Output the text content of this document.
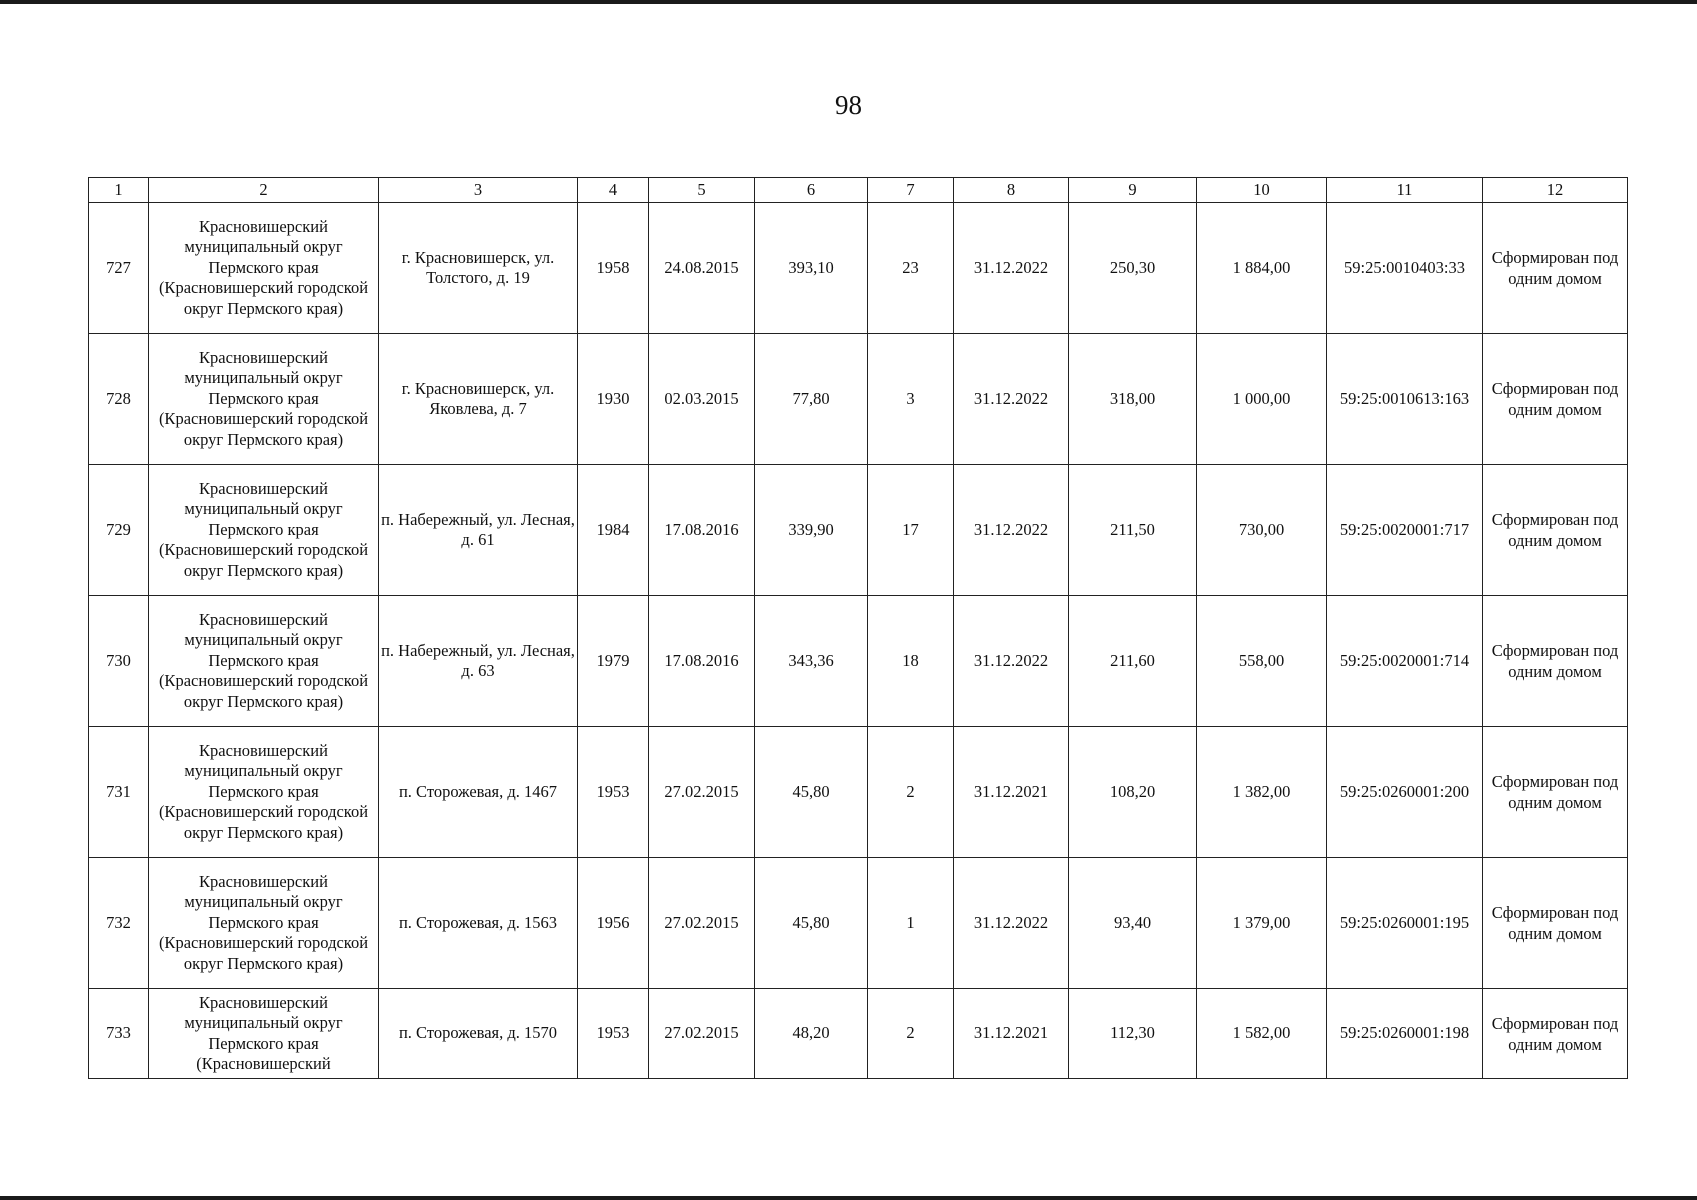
98
1	2	3	4	5	6	7	8	9	10	11	12
727	Красновишерский муниципальный округ Пермского края (Красновишерский городской округ Пермского края)	г. Красновишерск, ул. Толстого, д. 19	1958	24.08.2015	393,10	23	31.12.2022	250,30	1 884,00	59:25:0010403:33	Сформирован под одним домом
728	Красновишерский муниципальный округ Пермского края (Красновишерский городской округ Пермского края)	г. Красновишерск, ул. Яковлева, д. 7	1930	02.03.2015	77,80	3	31.12.2022	318,00	1 000,00	59:25:0010613:163	Сформирован под одним домом
729	Красновишерский муниципальный округ Пермского края (Красновишерский городской округ Пермского края)	п. Набережный, ул. Лесная, д. 61	1984	17.08.2016	339,90	17	31.12.2022	211,50	730,00	59:25:0020001:717	Сформирован под одним домом
730	Красновишерский муниципальный округ Пермского края (Красновишерский городской округ Пермского края)	п. Набережный, ул. Лесная, д. 63	1979	17.08.2016	343,36	18	31.12.2022	211,60	558,00	59:25:0020001:714	Сформирован под одним домом
731	Красновишерский муниципальный округ Пермского края (Красновишерский городской округ Пермского края)	п. Сторожевая, д. 1467	1953	27.02.2015	45,80	2	31.12.2021	108,20	1 382,00	59:25:0260001:200	Сформирован под одним домом
732	Красновишерский муниципальный округ Пермского края (Красновишерский городской округ Пермского края)	п. Сторожевая, д. 1563	1956	27.02.2015	45,80	1	31.12.2022	93,40	1 379,00	59:25:0260001:195	Сформирован под одним домом
733	Красновишерский муниципальный округ Пермского края (Красновишерский	п. Сторожевая, д. 1570	1953	27.02.2015	48,20	2	31.12.2021	112,30	1 582,00	59:25:0260001:198	Сформирован под одним домом
